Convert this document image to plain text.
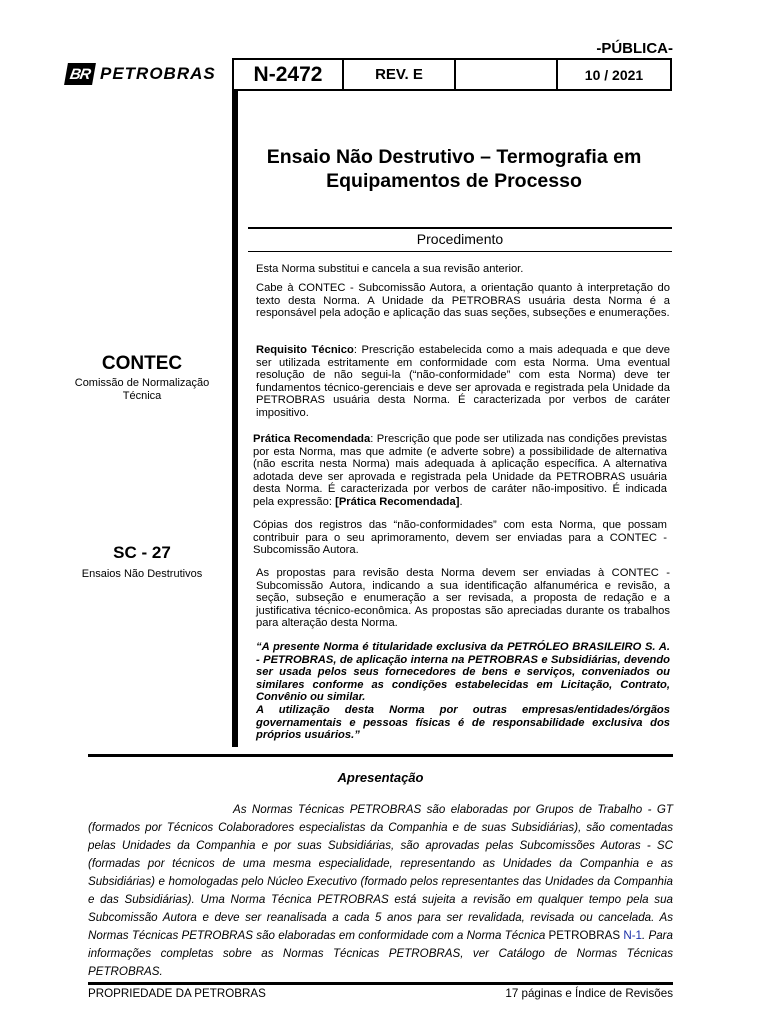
-PÚBLICA-
BR PETROBRAS	N-2472	REV. E	10 / 2021
Ensaio Não Destrutivo – Termografia em Equipamentos de Processo
Procedimento
Esta Norma substitui e cancela a sua revisão anterior.
Cabe à CONTEC - Subcomissão Autora, a orientação quanto à interpretação do texto desta Norma. A Unidade da PETROBRAS usuária desta Norma é a responsável pela adoção e aplicação das suas seções, subseções e enumerações.
Requisito Técnico: Prescrição estabelecida como a mais adequada e que deve ser utilizada estritamente em conformidade com esta Norma. Uma eventual resolução de não segui-la (“não-conformidade” com esta Norma) deve ter fundamentos técnico-gerenciais e deve ser aprovada e registrada pela Unidade da PETROBRAS usuária desta Norma. É caracterizada por verbos de caráter impositivo.
Prática Recomendada: Prescrição que pode ser utilizada nas condições previstas por esta Norma, mas que admite (e adverte sobre) a possibilidade de alternativa (não escrita nesta Norma) mais adequada à aplicação específica. A alternativa adotada deve ser aprovada e registrada pela Unidade da PETROBRAS usuária desta Norma. É caracterizada por verbos de caráter não-impositivo. É indicada pela expressão: [Prática Recomendada].
Cópias dos registros das “não-conformidades” com esta Norma, que possam contribuir para o seu aprimoramento, devem ser enviadas para a CONTEC - Subcomissão Autora.
As propostas para revisão desta Norma devem ser enviadas à CONTEC - Subcomissão Autora, indicando a sua identificação alfanumérica e revisão, a seção, subseção e enumeração a ser revisada, a proposta de redação e a justificativa técnico-econômica. As propostas são apreciadas durante os trabalhos para alteração desta Norma.
“A presente Norma é titularidade exclusiva da PETRÓLEO BRASILEIRO S. A. - PETROBRAS, de aplicação interna na PETROBRAS e Subsidiárias, devendo ser usada pelos seus fornecedores de bens e serviços, conveniados ou similares conforme as condições estabelecidas em Licitação, Contrato, Convênio ou similar.
A utilização desta Norma por outras empresas/entidades/órgãos governamentais e pessoas físicas é de responsabilidade exclusiva dos próprios usuários.”
CONTEC
Comissão de Normalização Técnica
SC - 27
Ensaios Não Destrutivos
Apresentação
As Normas Técnicas PETROBRAS são elaboradas por Grupos de Trabalho - GT (formados por Técnicos Colaboradores especialistas da Companhia e de suas Subsidiárias), são comentadas pelas Unidades da Companhia e por suas Subsidiárias, são aprovadas pelas Subcomissões Autoras - SC (formadas por técnicos de uma mesma especialidade, representando as Unidades da Companhia e as Subsidiárias) e homologadas pelo Núcleo Executivo (formado pelos representantes das Unidades da Companhia e das Subsidiárias). Uma Norma Técnica PETROBRAS está sujeita a revisão em qualquer tempo pela sua Subcomissão Autora e deve ser reanalisada a cada 5 anos para ser revalidada, revisada ou cancelada. As Normas Técnicas PETROBRAS são elaboradas em conformidade com a Norma Técnica PETROBRAS N-1. Para informações completas sobre as Normas Técnicas PETROBRAS, ver Catálogo de Normas Técnicas PETROBRAS.
PROPRIEDADE DA PETROBRAS	17 páginas e Índice de Revisões
